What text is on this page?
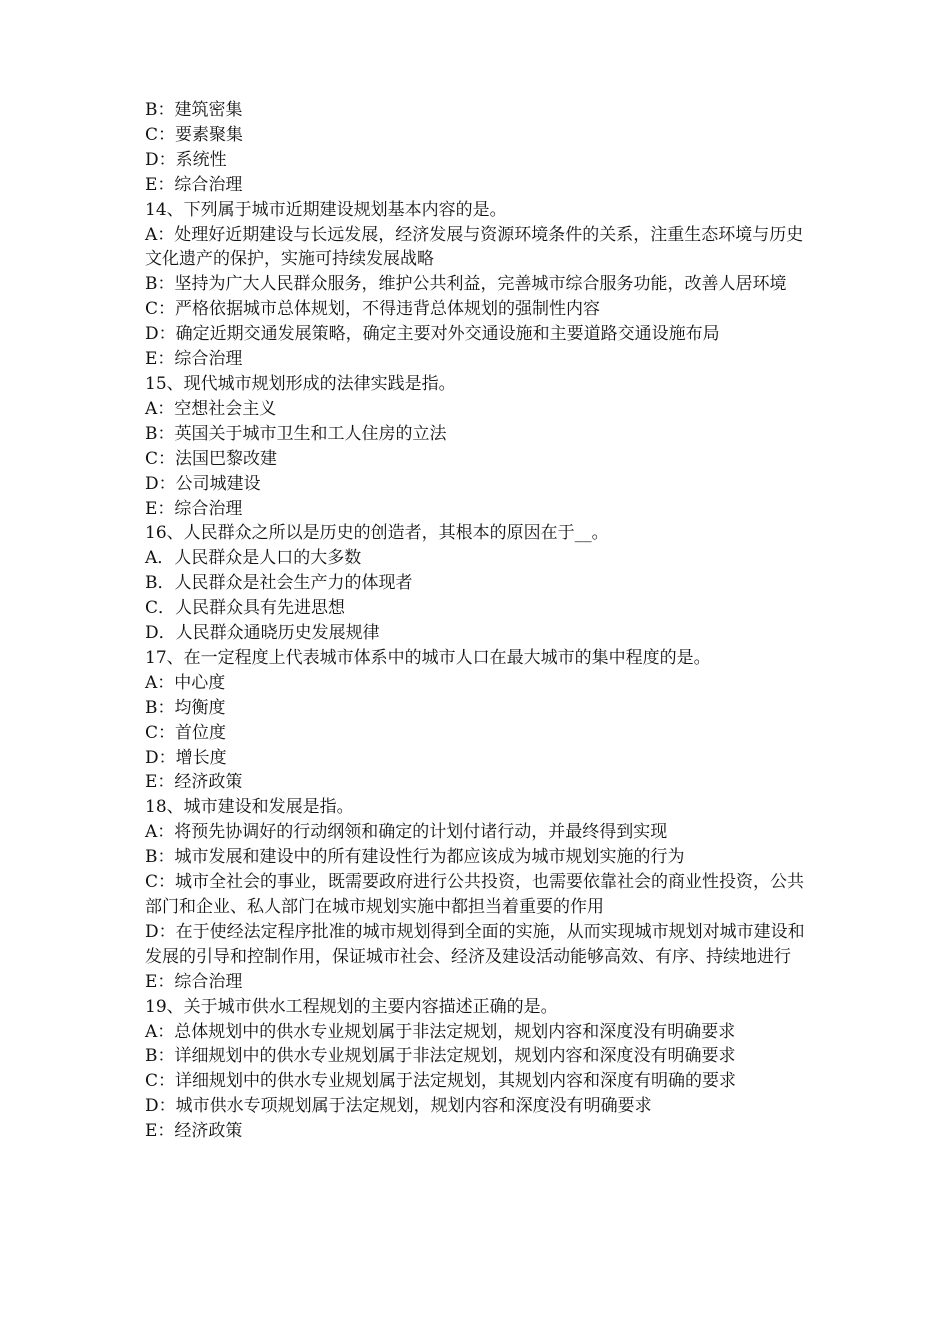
B：建筑密集

C：要素聚集

D：系统性

E：综合治理

14、下列属于城市近期建设规划基本内容的是。

A：处理好近期建设与长远发展，经济发展与资源环境条件的关系，注重生态环境与历史文化遗产的保护，实施可持续发展战略

B：坚持为广大人民群众服务，维护公共利益，完善城市综合服务功能，改善人居环境

C：严格依据城市总体规划，不得违背总体规划的强制性内容

D：确定近期交通发展策略，确定主要对外交通设施和主要道路交通设施布局

E：综合治理

15、现代城市规划形成的法律实践是指。

A：空想社会主义

B：英国关于城市卫生和工人住房的立法

C：法国巴黎改建

D：公司城建设

E：综合治理

16、人民群众之所以是历史的创造者，其根本的原因在于__。

A．人民群众是人口的大多数

B．人民群众是社会生产力的体现者

C．人民群众具有先进思想

D．人民群众通晓历史发展规律

17、在一定程度上代表城市体系中的城市人口在最大城市的集中程度的是。

A：中心度

B：均衡度

C：首位度

D：增长度

E：经济政策

18、城市建设和发展是指。

A：将预先协调好的行动纲领和确定的计划付诸行动，并最终得到实现

B：城市发展和建设中的所有建设性行为都应该成为城市规划实施的行为

C：城市全社会的事业，既需要政府进行公共投资，也需要依靠社会的商业性投资，公共部门和企业、私人部门在城市规划实施中都担当着重要的作用

D：在于使经法定程序批准的城市规划得到全面的实施，从而实现城市规划对城市建设和发展的引导和控制作用，保证城市社会、经济及建设活动能够高效、有序、持续地进行

E：综合治理

19、关于城市供水工程规划的主要内容描述正确的是。

A：总体规划中的供水专业规划属于非法定规划，规划内容和深度没有明确要求

B：详细规划中的供水专业规划属于非法定规划，规划内容和深度没有明确要求

C：详细规划中的供水专业规划属于法定规划，其规划内容和深度有明确的要求

D：城市供水专项规划属于法定规划，规划内容和深度没有明确要求

E：经济政策
